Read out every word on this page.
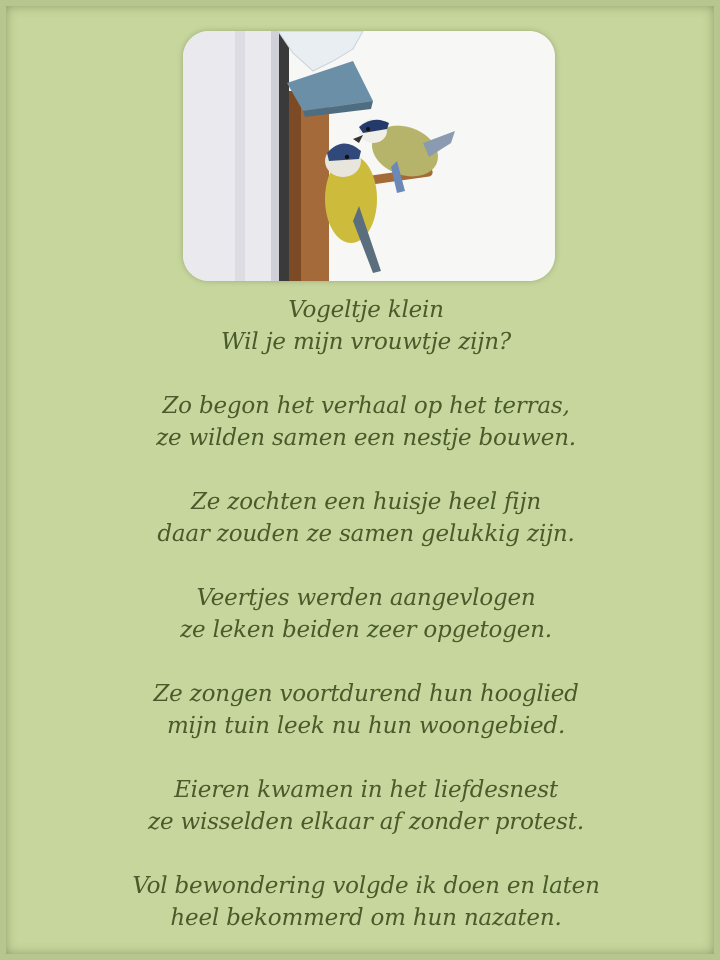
Vogeltje klein
Wil je mijn vrouwtje zijn?
Zo begon het verhaal op het terras,
ze wilden samen een nestje bouwen.
Ze zochten een huisje heel fijn
daar zouden ze samen gelukkig zijn.
Veertjes werden aangevlogen
ze leken beiden zeer opgetogen.
Ze zongen voortdurend hun hooglied
mijn tuin leek nu hun woongebied.
Eieren kwamen in het liefdesnest
ze wisselden elkaar af zonder protest.
Vol bewondering volgde ik doen en laten
heel bekommerd om hun nazaten.
